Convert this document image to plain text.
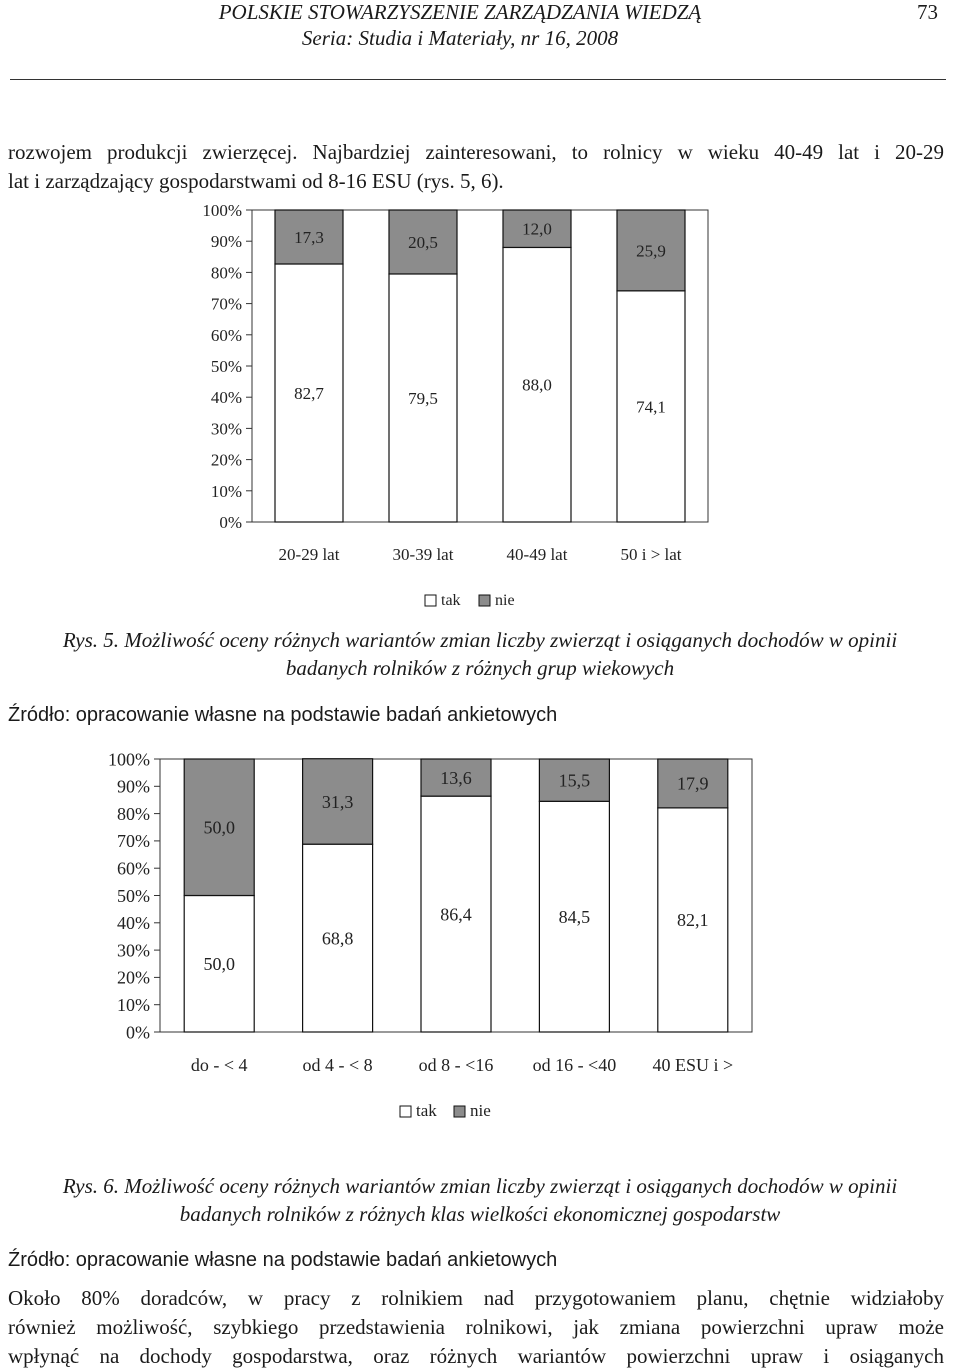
POLSKIE STOWARZYSZENIE ZARZĄDZANIA WIEDZĄ
Seria: Studia i Materiały, nr 16, 2008
73
rozwojem produkcji zwierzęcej. Najbardziej zainteresowani, to rolnicy w wieku 40-49 lat i 20-29
lat i zarządzający gospodarstwami od 8-16 ESU (rys. 5, 6).
0%
10%
20%
30%
40%
50%
60%
70%
80%
90%
100%
82,7
17,3
79,5
20,5
88,0
12,0
74,1
25,9
20-29 lat	30-39 lat	40-49 lat	50 i > lat
tak nie
Rys. 5. Możliwość oceny różnych wariantów zmian liczby zwierząt i osiąganych dochodów w opinii
badanych rolników z różnych grup wiekowych
Źródło: opracowanie własne na podstawie badań ankietowych
0%
10%
20%
30%
40%
50%
60%
70%
80%
90%
100%
50,0
50,0
68,8
31,3
86,4
13,6
84,5
15,5
82,1
17,9
do - < 4	od 4 - < 8	od 8 - <16 od 16 - <40 40 ESU i >
tak nie
Rys. 6. Możliwość oceny różnych wariantów zmian liczby zwierząt i osiąganych dochodów w opinii
badanych rolników z różnych klas wielkości ekonomicznej gospodarstw
Źródło: opracowanie własne na podstawie badań ankietowych
Około 80% doradców, w pracy z rolnikiem nad przygotowaniem planu, chętnie widziałoby
również możliwość, szybkiego przedstawienia rolnikowi, jak zmiana powierzchni upraw może
wpłynąć na dochody gospodarstwa, oraz różnych wariantów powierzchni upraw i osiąganych
